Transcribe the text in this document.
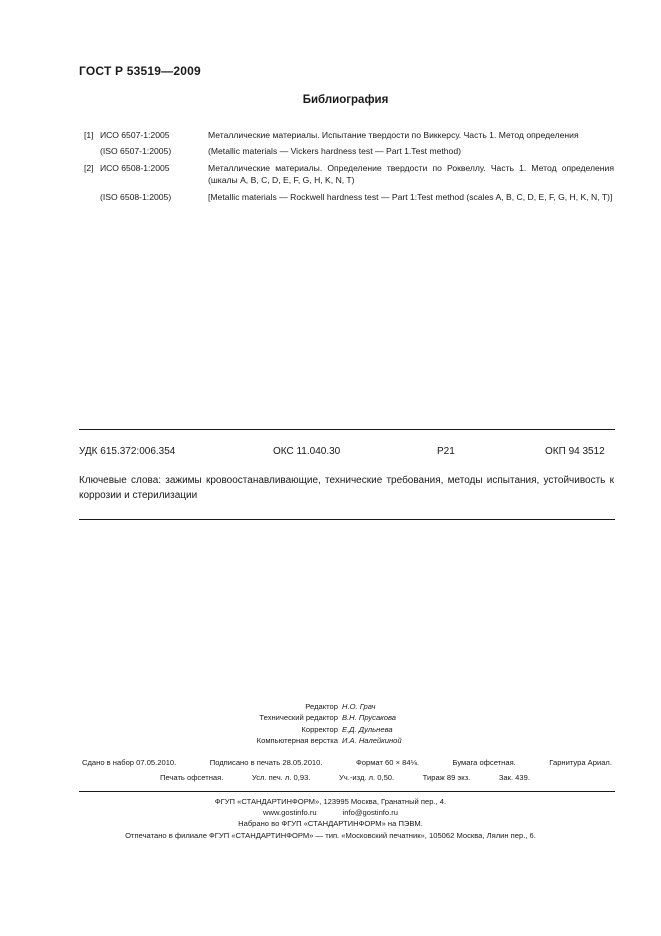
ГОСТ Р 53519—2009
Библиография
[1] ИСО 6507-1:2005	Металлические материалы. Испытание твердости по Виккерсу. Часть 1. Метод определения
(ISO 6507-1:2005)	(Metallic materials — Vickers hardness test — Part 1.Test method)
[2] ИСО 6508-1:2005	Металлические материалы. Определение твердости по Роквеллу. Часть 1. Метод определения (шкалы A, B, C, D, E, F, G, H, K, N, T)
(ISO 6508-1:2005)	[Metallic materials — Rockwell hardness test — Part 1:Test method (scales A, B, C, D, E, F, G, H, K, N, T)]
УДК 615.372:006.354	ОКС 11.040.30	Р21	ОКП 94 3512
Ключевые слова: зажимы кровоостанавливающие, технические требования, методы испытания, устойчивость к коррозии и стерилизации
Редактор Н.О. Грач
Технический редактор В.Н. Прусакова
Корректор Е.Д. Дульнева
Компьютерная верстка И.А. Налейкиной
Сдано в набор 07.05.2010.	Подписано в печать 28.05.2010.	Формат 60 × 84⅛.	Бумага офсетная.	Гарнитура Ариал.
Печать офсетная.	Усл. печ. л. 0,93.	Уч.-изд. л. 0,50.	Тираж 89 экз.	Зак. 439.
ФГУП «СТАНДАРТИНФОРМ», 123995 Москва, Гранатный пер., 4.
www.gostinfo.ru	info@gostinfo.ru
Набрано во ФГУП «СТАНДАРТИНФОРМ» на ПЭВМ.
Отпечатано в филиале ФГУП «СТАНДАРТИНФОРМ» — тип. «Московский печатник», 105062 Москва, Лялин пер., 6.
